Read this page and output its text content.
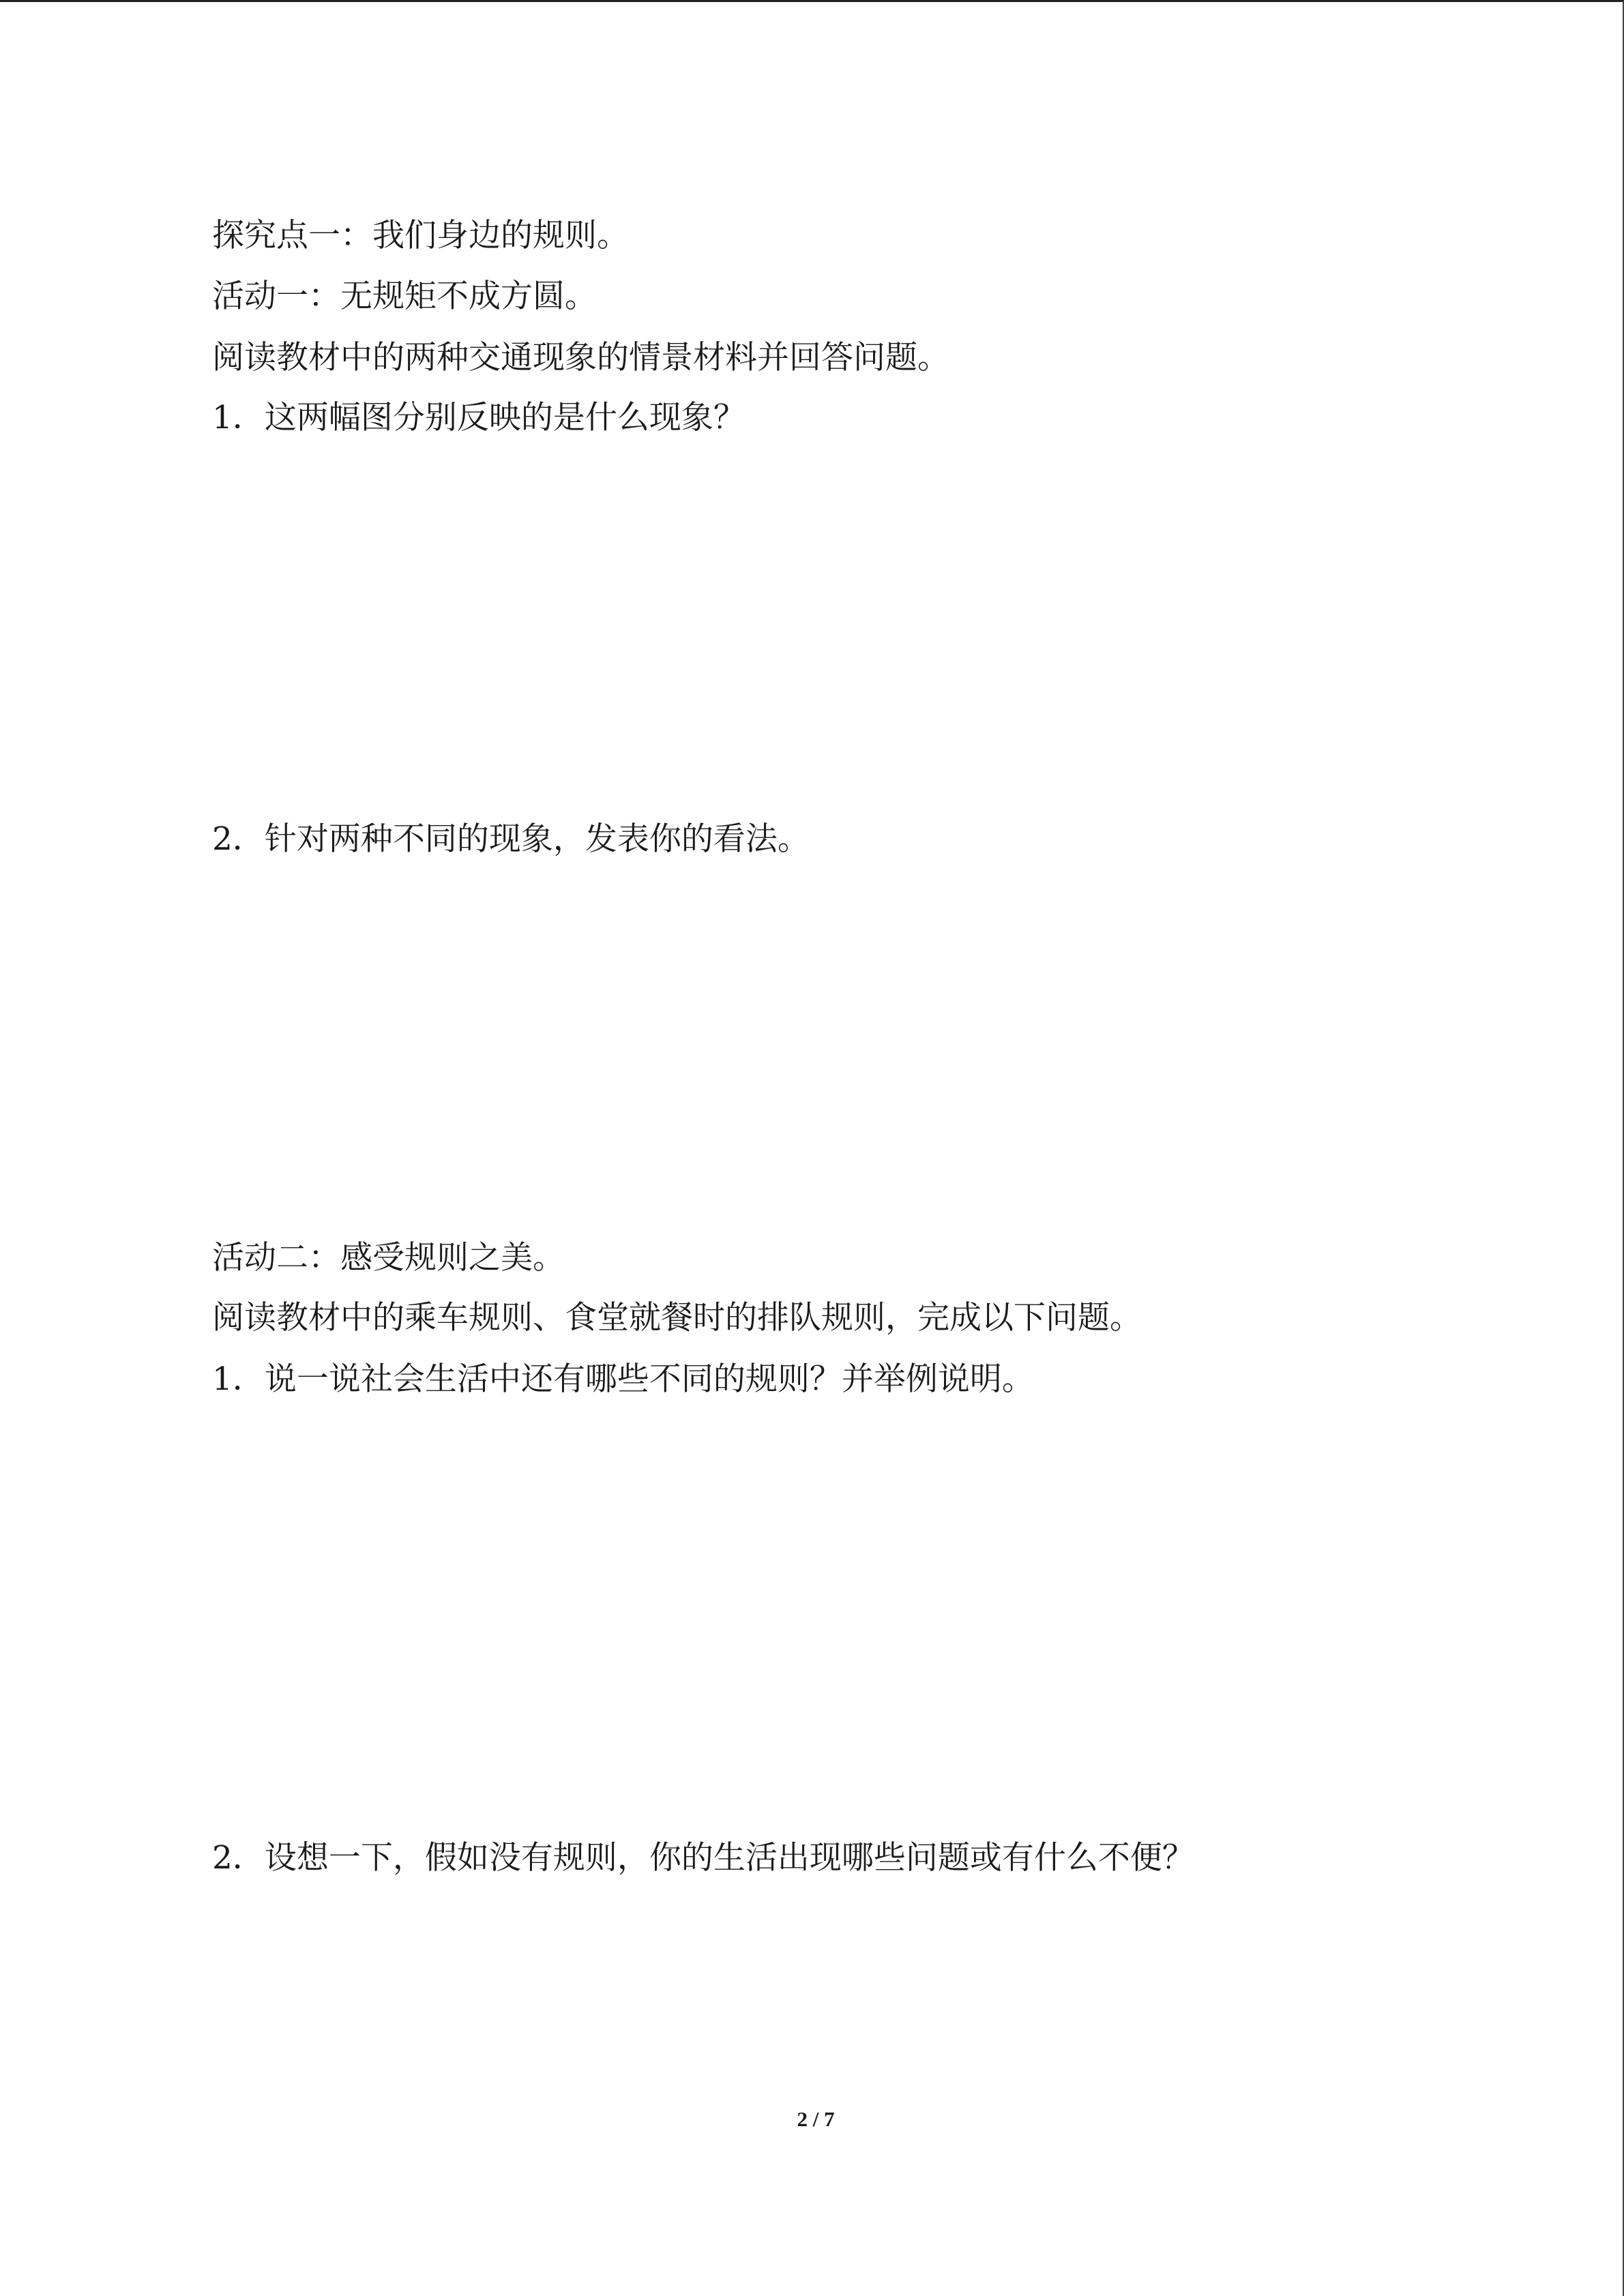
探究点一：我们身边的规则。
活动一：无规矩不成方圆。
阅读教材中的两种交通现象的情景材料并回答问题。
1．这两幅图分别反映的是什么现象？
2．针对两种不同的现象，发表你的看法。
活动二：感受规则之美。
阅读教材中的乘车规则、食堂就餐时的排队规则，完成以下问题。
1．说一说社会生活中还有哪些不同的规则？并举例说明。
2．设想一下，假如没有规则，你的生活出现哪些问题或有什么不便？
2 / 7
